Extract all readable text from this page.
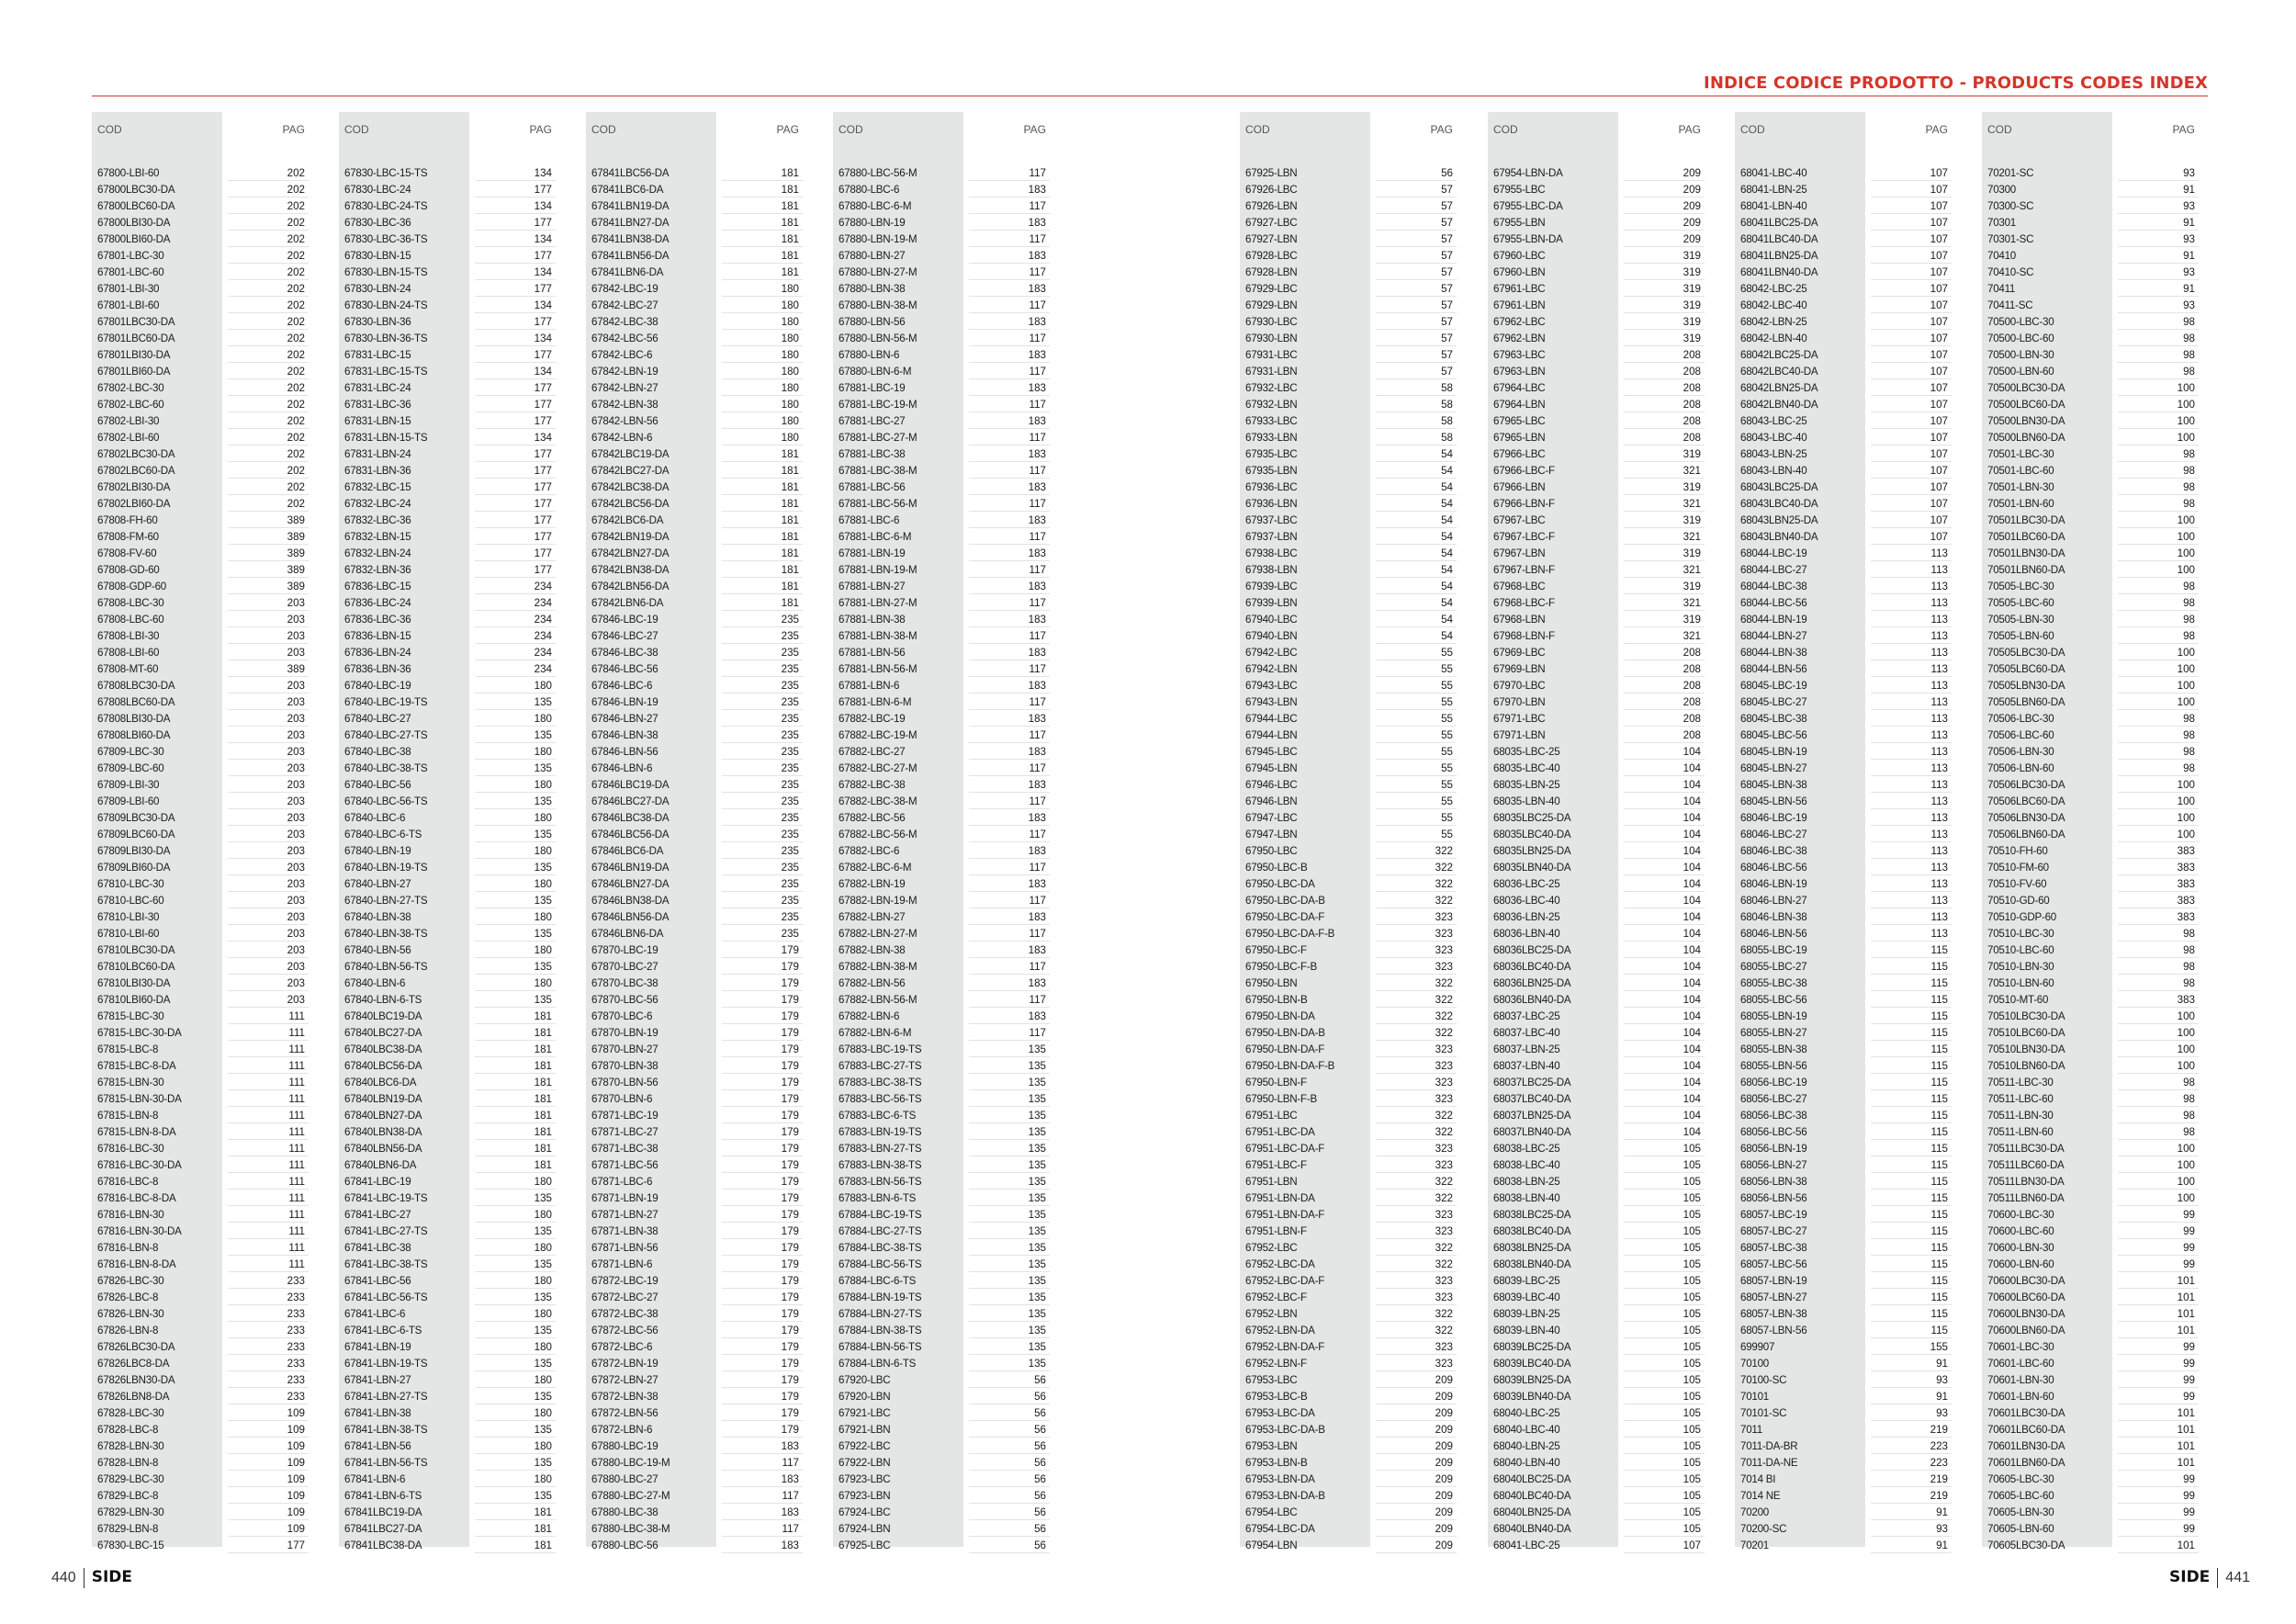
INDICE CODICE PRODOTTO - PRODUCTS CODES INDEX
COD	PAG
67800-LBI-60	202
67800LBC30-DA	202
67800LBC60-DA	202
67800LBI30-DA	202
67800LBI60-DA	202
67801-LBC-30	202
67801-LBC-60	202
67801-LBI-30	202
67801-LBI-60	202
67801LBC30-DA	202
67801LBC60-DA	202
67801LBI30-DA	202
67801LBI60-DA	202
67802-LBC-30	202
67802-LBC-60	202
67802-LBI-30	202
67802-LBI-60	202
67802LBC30-DA	202
67802LBC60-DA	202
67802LBI30-DA	202
67802LBI60-DA	202
67808-FH-60	389
67808-FM-60	389
67808-FV-60	389
67808-GD-60	389
67808-GDP-60	389
67808-LBC-30	203
67808-LBC-60	203
67808-LBI-30	203
67808-LBI-60	203
67808-MT-60	389
67808LBC30-DA	203
67808LBC60-DA	203
67808LBI30-DA	203
67808LBI60-DA	203
67809-LBC-30	203
67809-LBC-60	203
67809-LBI-30	203
67809-LBI-60	203
67809LBC30-DA	203
67809LBC60-DA	203
67809LBI30-DA	203
67809LBI60-DA	203
67810-LBC-30	203
67810-LBC-60	203
67810-LBI-30	203
67810-LBI-60	203
67810LBC30-DA	203
67810LBC60-DA	203
67810LBI30-DA	203
67810LBI60-DA	203
67815-LBC-30	111
67815-LBC-30-DA	111
67815-LBC-8	111
67815-LBC-8-DA	111
67815-LBN-30	111
67815-LBN-30-DA	111
67815-LBN-8	111
67815-LBN-8-DA	111
67816-LBC-30	111
67816-LBC-30-DA	111
67816-LBC-8	111
67816-LBC-8-DA	111
67816-LBN-30	111
67816-LBN-30-DA	111
67816-LBN-8	111
67816-LBN-8-DA	111
67826-LBC-30	233
67826-LBC-8	233
67826-LBN-30	233
67826-LBN-8	233
67826LBC30-DA	233
67826LBC8-DA	233
67826LBN30-DA	233
67826LBN8-DA	233
67828-LBC-30	109
67828-LBC-8	109
67828-LBN-30	109
67828-LBN-8	109
67829-LBC-30	109
67829-LBC-8	109
67829-LBN-30	109
67829-LBN-8	109
67830-LBC-15	177
COD	PAG
67830-LBC-15-TS	134
67830-LBC-24	177
67830-LBC-24-TS	134
67830-LBC-36	177
67830-LBC-36-TS	134
67830-LBN-15	177
67830-LBN-15-TS	134
67830-LBN-24	177
67830-LBN-24-TS	134
67830-LBN-36	177
67830-LBN-36-TS	134
67831-LBC-15	177
67831-LBC-15-TS	134
67831-LBC-24	177
67831-LBC-36	177
67831-LBN-15	177
67831-LBN-15-TS	134
67831-LBN-24	177
67831-LBN-36	177
67832-LBC-15	177
67832-LBC-24	177
67832-LBC-36	177
67832-LBN-15	177
67832-LBN-24	177
67832-LBN-36	177
67836-LBC-15	234
67836-LBC-24	234
67836-LBC-36	234
67836-LBN-15	234
67836-LBN-24	234
67836-LBN-36	234
67840-LBC-19	180
67840-LBC-19-TS	135
67840-LBC-27	180
67840-LBC-27-TS	135
67840-LBC-38	180
67840-LBC-38-TS	135
67840-LBC-56	180
67840-LBC-56-TS	135
67840-LBC-6	180
67840-LBC-6-TS	135
67840-LBN-19	180
67840-LBN-19-TS	135
67840-LBN-27	180
67840-LBN-27-TS	135
67840-LBN-38	180
67840-LBN-38-TS	135
67840-LBN-56	180
67840-LBN-56-TS	135
67840-LBN-6	180
67840-LBN-6-TS	135
67840LBC19-DA	181
67840LBC27-DA	181
67840LBC38-DA	181
67840LBC56-DA	181
67840LBC6-DA	181
67840LBN19-DA	181
67840LBN27-DA	181
67840LBN38-DA	181
67840LBN56-DA	181
67840LBN6-DA	181
67841-LBC-19	180
67841-LBC-19-TS	135
67841-LBC-27	180
67841-LBC-27-TS	135
67841-LBC-38	180
67841-LBC-38-TS	135
67841-LBC-56	180
67841-LBC-56-TS	135
67841-LBC-6	180
67841-LBC-6-TS	135
67841-LBN-19	180
67841-LBN-19-TS	135
67841-LBN-27	180
67841-LBN-27-TS	135
67841-LBN-38	180
67841-LBN-38-TS	135
67841-LBN-56	180
67841-LBN-56-TS	135
67841-LBN-6	180
67841-LBN-6-TS	135
67841LBC19-DA	181
67841LBC27-DA	181
67841LBC38-DA	181
COD	PAG
67841LBC56-DA	181
67841LBC6-DA	181
67841LBN19-DA	181
67841LBN27-DA	181
67841LBN38-DA	181
67841LBN56-DA	181
67841LBN6-DA	181
67842-LBC-19	180
67842-LBC-27	180
67842-LBC-38	180
67842-LBC-56	180
67842-LBC-6	180
67842-LBN-19	180
67842-LBN-27	180
67842-LBN-38	180
67842-LBN-56	180
67842-LBN-6	180
67842LBC19-DA	181
67842LBC27-DA	181
67842LBC38-DA	181
67842LBC56-DA	181
67842LBC6-DA	181
67842LBN19-DA	181
67842LBN27-DA	181
67842LBN38-DA	181
67842LBN56-DA	181
67842LBN6-DA	181
67846-LBC-19	235
67846-LBC-27	235
67846-LBC-38	235
67846-LBC-56	235
67846-LBC-6	235
67846-LBN-19	235
67846-LBN-27	235
67846-LBN-38	235
67846-LBN-56	235
67846-LBN-6	235
67846LBC19-DA	235
67846LBC27-DA	235
67846LBC38-DA	235
67846LBC56-DA	235
67846LBC6-DA	235
67846LBN19-DA	235
67846LBN27-DA	235
67846LBN38-DA	235
67846LBN56-DA	235
67846LBN6-DA	235
67870-LBC-19	179
67870-LBC-27	179
67870-LBC-38	179
67870-LBC-56	179
67870-LBC-6	179
67870-LBN-19	179
67870-LBN-27	179
67870-LBN-38	179
67870-LBN-56	179
67870-LBN-6	179
67871-LBC-19	179
67871-LBC-27	179
67871-LBC-38	179
67871-LBC-56	179
67871-LBC-6	179
67871-LBN-19	179
67871-LBN-27	179
67871-LBN-38	179
67871-LBN-56	179
67871-LBN-6	179
67872-LBC-19	179
67872-LBC-27	179
67872-LBC-38	179
67872-LBC-56	179
67872-LBC-6	179
67872-LBN-19	179
67872-LBN-27	179
67872-LBN-38	179
67872-LBN-56	179
67872-LBN-6	179
67880-LBC-19	183
67880-LBC-19-M	117
67880-LBC-27	183
67880-LBC-27-M	117
67880-LBC-38	183
67880-LBC-38-M	117
67880-LBC-56	183
COD	PAG
67880-LBC-56-M	117
67880-LBC-6	183
67880-LBC-6-M	117
67880-LBN-19	183
67880-LBN-19-M	117
67880-LBN-27	183
67880-LBN-27-M	117
67880-LBN-38	183
67880-LBN-38-M	117
67880-LBN-56	183
67880-LBN-56-M	117
67880-LBN-6	183
67880-LBN-6-M	117
67881-LBC-19	183
67881-LBC-19-M	117
67881-LBC-27	183
67881-LBC-27-M	117
67881-LBC-38	183
67881-LBC-38-M	117
67881-LBC-56	183
67881-LBC-56-M	117
67881-LBC-6	183
67881-LBC-6-M	117
67881-LBN-19	183
67881-LBN-19-M	117
67881-LBN-27	183
67881-LBN-27-M	117
67881-LBN-38	183
67881-LBN-38-M	117
67881-LBN-56	183
67881-LBN-56-M	117
67881-LBN-6	183
67881-LBN-6-M	117
67882-LBC-19	183
67882-LBC-19-M	117
67882-LBC-27	183
67882-LBC-27-M	117
67882-LBC-38	183
67882-LBC-38-M	117
67882-LBC-56	183
67882-LBC-56-M	117
67882-LBC-6	183
67882-LBC-6-M	117
67882-LBN-19	183
67882-LBN-19-M	117
67882-LBN-27	183
67882-LBN-27-M	117
67882-LBN-38	183
67882-LBN-38-M	117
67882-LBN-56	183
67882-LBN-56-M	117
67882-LBN-6	183
67882-LBN-6-M	117
67883-LBC-19-TS	135
67883-LBC-27-TS	135
67883-LBC-38-TS	135
67883-LBC-56-TS	135
67883-LBC-6-TS	135
67883-LBN-19-TS	135
67883-LBN-27-TS	135
67883-LBN-38-TS	135
67883-LBN-56-TS	135
67883-LBN-6-TS	135
67884-LBC-19-TS	135
67884-LBC-27-TS	135
67884-LBC-38-TS	135
67884-LBC-56-TS	135
67884-LBC-6-TS	135
67884-LBN-19-TS	135
67884-LBN-27-TS	135
67884-LBN-38-TS	135
67884-LBN-56-TS	135
67884-LBN-6-TS	135
67920-LBC	56
67920-LBN	56
67921-LBC	56
67921-LBN	56
67922-LBC	56
67922-LBN	56
67923-LBC	56
67923-LBN	56
67924-LBC	56
67924-LBN	56
67925-LBC	56
COD	PAG
67925-LBN	56
67926-LBC	57
67926-LBN	57
67927-LBC	57
67927-LBN	57
67928-LBC	57
67928-LBN	57
67929-LBC	57
67929-LBN	57
67930-LBC	57
67930-LBN	57
67931-LBC	57
67931-LBN	57
67932-LBC	58
67932-LBN	58
67933-LBC	58
67933-LBN	58
67935-LBC	54
67935-LBN	54
67936-LBC	54
67936-LBN	54
67937-LBC	54
67937-LBN	54
67938-LBC	54
67938-LBN	54
67939-LBC	54
67939-LBN	54
67940-LBC	54
67940-LBN	54
67942-LBC	55
67942-LBN	55
67943-LBC	55
67943-LBN	55
67944-LBC	55
67944-LBN	55
67945-LBC	55
67945-LBN	55
67946-LBC	55
67946-LBN	55
67947-LBC	55
67947-LBN	55
67950-LBC	322
67950-LBC-B	322
67950-LBC-DA	322
67950-LBC-DA-B	322
67950-LBC-DA-F	323
67950-LBC-DA-F-B	323
67950-LBC-F	323
67950-LBC-F-B	323
67950-LBN	322
67950-LBN-B	322
67950-LBN-DA	322
67950-LBN-DA-B	322
67950-LBN-DA-F	323
67950-LBN-DA-F-B	323
67950-LBN-F	323
67950-LBN-F-B	323
67951-LBC	322
67951-LBC-DA	322
67951-LBC-DA-F	323
67951-LBC-F	323
67951-LBN	322
67951-LBN-DA	322
67951-LBN-DA-F	323
67951-LBN-F	323
67952-LBC	322
67952-LBC-DA	322
67952-LBC-DA-F	323
67952-LBC-F	323
67952-LBN	322
67952-LBN-DA	322
67952-LBN-DA-F	323
67952-LBN-F	323
67953-LBC	209
67953-LBC-B	209
67953-LBC-DA	209
67953-LBC-DA-B	209
67953-LBN	209
67953-LBN-B	209
67953-LBN-DA	209
67953-LBN-DA-B	209
67954-LBC	209
67954-LBC-DA	209
67954-LBN	209
COD	PAG
67954-LBN-DA	209
67955-LBC	209
67955-LBC-DA	209
67955-LBN	209
67955-LBN-DA	209
67960-LBC	319
67960-LBN	319
67961-LBC	319
67961-LBN	319
67962-LBC	319
67962-LBN	319
67963-LBC	208
67963-LBN	208
67964-LBC	208
67964-LBN	208
67965-LBC	208
67965-LBN	208
67966-LBC	319
67966-LBC-F	321
67966-LBN	319
67966-LBN-F	321
67967-LBC	319
67967-LBC-F	321
67967-LBN	319
67967-LBN-F	321
67968-LBC	319
67968-LBC-F	321
67968-LBN	319
67968-LBN-F	321
67969-LBC	208
67969-LBN	208
67970-LBC	208
67970-LBN	208
67971-LBC	208
67971-LBN	208
68035-LBC-25	104
68035-LBC-40	104
68035-LBN-25	104
68035-LBN-40	104
68035LBC25-DA	104
68035LBC40-DA	104
68035LBN25-DA	104
68035LBN40-DA	104
68036-LBC-25	104
68036-LBC-40	104
68036-LBN-25	104
68036-LBN-40	104
68036LBC25-DA	104
68036LBC40-DA	104
68036LBN25-DA	104
68036LBN40-DA	104
68037-LBC-25	104
68037-LBC-40	104
68037-LBN-25	104
68037-LBN-40	104
68037LBC25-DA	104
68037LBC40-DA	104
68037LBN25-DA	104
68037LBN40-DA	104
68038-LBC-25	105
68038-LBC-40	105
68038-LBN-25	105
68038-LBN-40	105
68038LBC25-DA	105
68038LBC40-DA	105
68038LBN25-DA	105
68038LBN40-DA	105
68039-LBC-25	105
68039-LBC-40	105
68039-LBN-25	105
68039-LBN-40	105
68039LBC25-DA	105
68039LBC40-DA	105
68039LBN25-DA	105
68039LBN40-DA	105
68040-LBC-25	105
68040-LBC-40	105
68040-LBN-25	105
68040-LBN-40	105
68040LBC25-DA	105
68040LBC40-DA	105
68040LBN25-DA	105
68040LBN40-DA	105
68041-LBC-25	107
COD	PAG
68041-LBC-40	107
68041-LBN-25	107
68041-LBN-40	107
68041LBC25-DA	107
68041LBC40-DA	107
68041LBN25-DA	107
68041LBN40-DA	107
68042-LBC-25	107
68042-LBC-40	107
68042-LBN-25	107
68042-LBN-40	107
68042LBC25-DA	107
68042LBC40-DA	107
68042LBN25-DA	107
68042LBN40-DA	107
68043-LBC-25	107
68043-LBC-40	107
68043-LBN-25	107
68043-LBN-40	107
68043LBC25-DA	107
68043LBC40-DA	107
68043LBN25-DA	107
68043LBN40-DA	107
68044-LBC-19	113
68044-LBC-27	113
68044-LBC-38	113
68044-LBC-56	113
68044-LBN-19	113
68044-LBN-27	113
68044-LBN-38	113
68044-LBN-56	113
68045-LBC-19	113
68045-LBC-27	113
68045-LBC-38	113
68045-LBC-56	113
68045-LBN-19	113
68045-LBN-27	113
68045-LBN-38	113
68045-LBN-56	113
68046-LBC-19	113
68046-LBC-27	113
68046-LBC-38	113
68046-LBC-56	113
68046-LBN-19	113
68046-LBN-27	113
68046-LBN-38	113
68046-LBN-56	113
68055-LBC-19	115
68055-LBC-27	115
68055-LBC-38	115
68055-LBC-56	115
68055-LBN-19	115
68055-LBN-27	115
68055-LBN-38	115
68055-LBN-56	115
68056-LBC-19	115
68056-LBC-27	115
68056-LBC-38	115
68056-LBC-56	115
68056-LBN-19	115
68056-LBN-27	115
68056-LBN-38	115
68056-LBN-56	115
68057-LBC-19	115
68057-LBC-27	115
68057-LBC-38	115
68057-LBC-56	115
68057-LBN-19	115
68057-LBN-27	115
68057-LBN-38	115
68057-LBN-56	115
699907	155
70100	91
70100-SC	93
70101	91
70101-SC	93
7011	219
7011-DA-BR	223
7011-DA-NE	223
7014 BI	219
7014 NE	219
70200	91
70200-SC	93
70201	91
COD	PAG
70201-SC	93
70300	91
70300-SC	93
70301	91
70301-SC	93
70410	91
70410-SC	93
70411	91
70411-SC	93
70500-LBC-30	98
70500-LBC-60	98
70500-LBN-30	98
70500-LBN-60	98
70500LBC30-DA	100
70500LBC60-DA	100
70500LBN30-DA	100
70500LBN60-DA	100
70501-LBC-30	98
70501-LBC-60	98
70501-LBN-30	98
70501-LBN-60	98
70501LBC30-DA	100
70501LBC60-DA	100
70501LBN30-DA	100
70501LBN60-DA	100
70505-LBC-30	98
70505-LBC-60	98
70505-LBN-30	98
70505-LBN-60	98
70505LBC30-DA	100
70505LBC60-DA	100
70505LBN30-DA	100
70505LBN60-DA	100
70506-LBC-30	98
70506-LBC-60	98
70506-LBN-30	98
70506-LBN-60	98
70506LBC30-DA	100
70506LBC60-DA	100
70506LBN30-DA	100
70506LBN60-DA	100
70510-FH-60	383
70510-FM-60	383
70510-FV-60	383
70510-GD-60	383
70510-GDP-60	383
70510-LBC-30	98
70510-LBC-60	98
70510-LBN-30	98
70510-LBN-60	98
70510-MT-60	383
70510LBC30-DA	100
70510LBC60-DA	100
70510LBN30-DA	100
70510LBN60-DA	100
70511-LBC-30	98
70511-LBC-60	98
70511-LBN-30	98
70511-LBN-60	98
70511LBC30-DA	100
70511LBC60-DA	100
70511LBN30-DA	100
70511LBN60-DA	100
70600-LBC-30	99
70600-LBC-60	99
70600-LBN-30	99
70600-LBN-60	99
70600LBC30-DA	101
70600LBC60-DA	101
70600LBN30-DA	101
70600LBN60-DA	101
70601-LBC-30	99
70601-LBC-60	99
70601-LBN-30	99
70601-LBN-60	99
70601LBC30-DA	101
70601LBC60-DA	101
70601LBN30-DA	101
70601LBN60-DA	101
70605-LBC-30	99
70605-LBC-60	99
70605-LBN-30	99
70605-LBN-60	99
70605LBC30-DA	101
440 SIDE	SIDE 441
